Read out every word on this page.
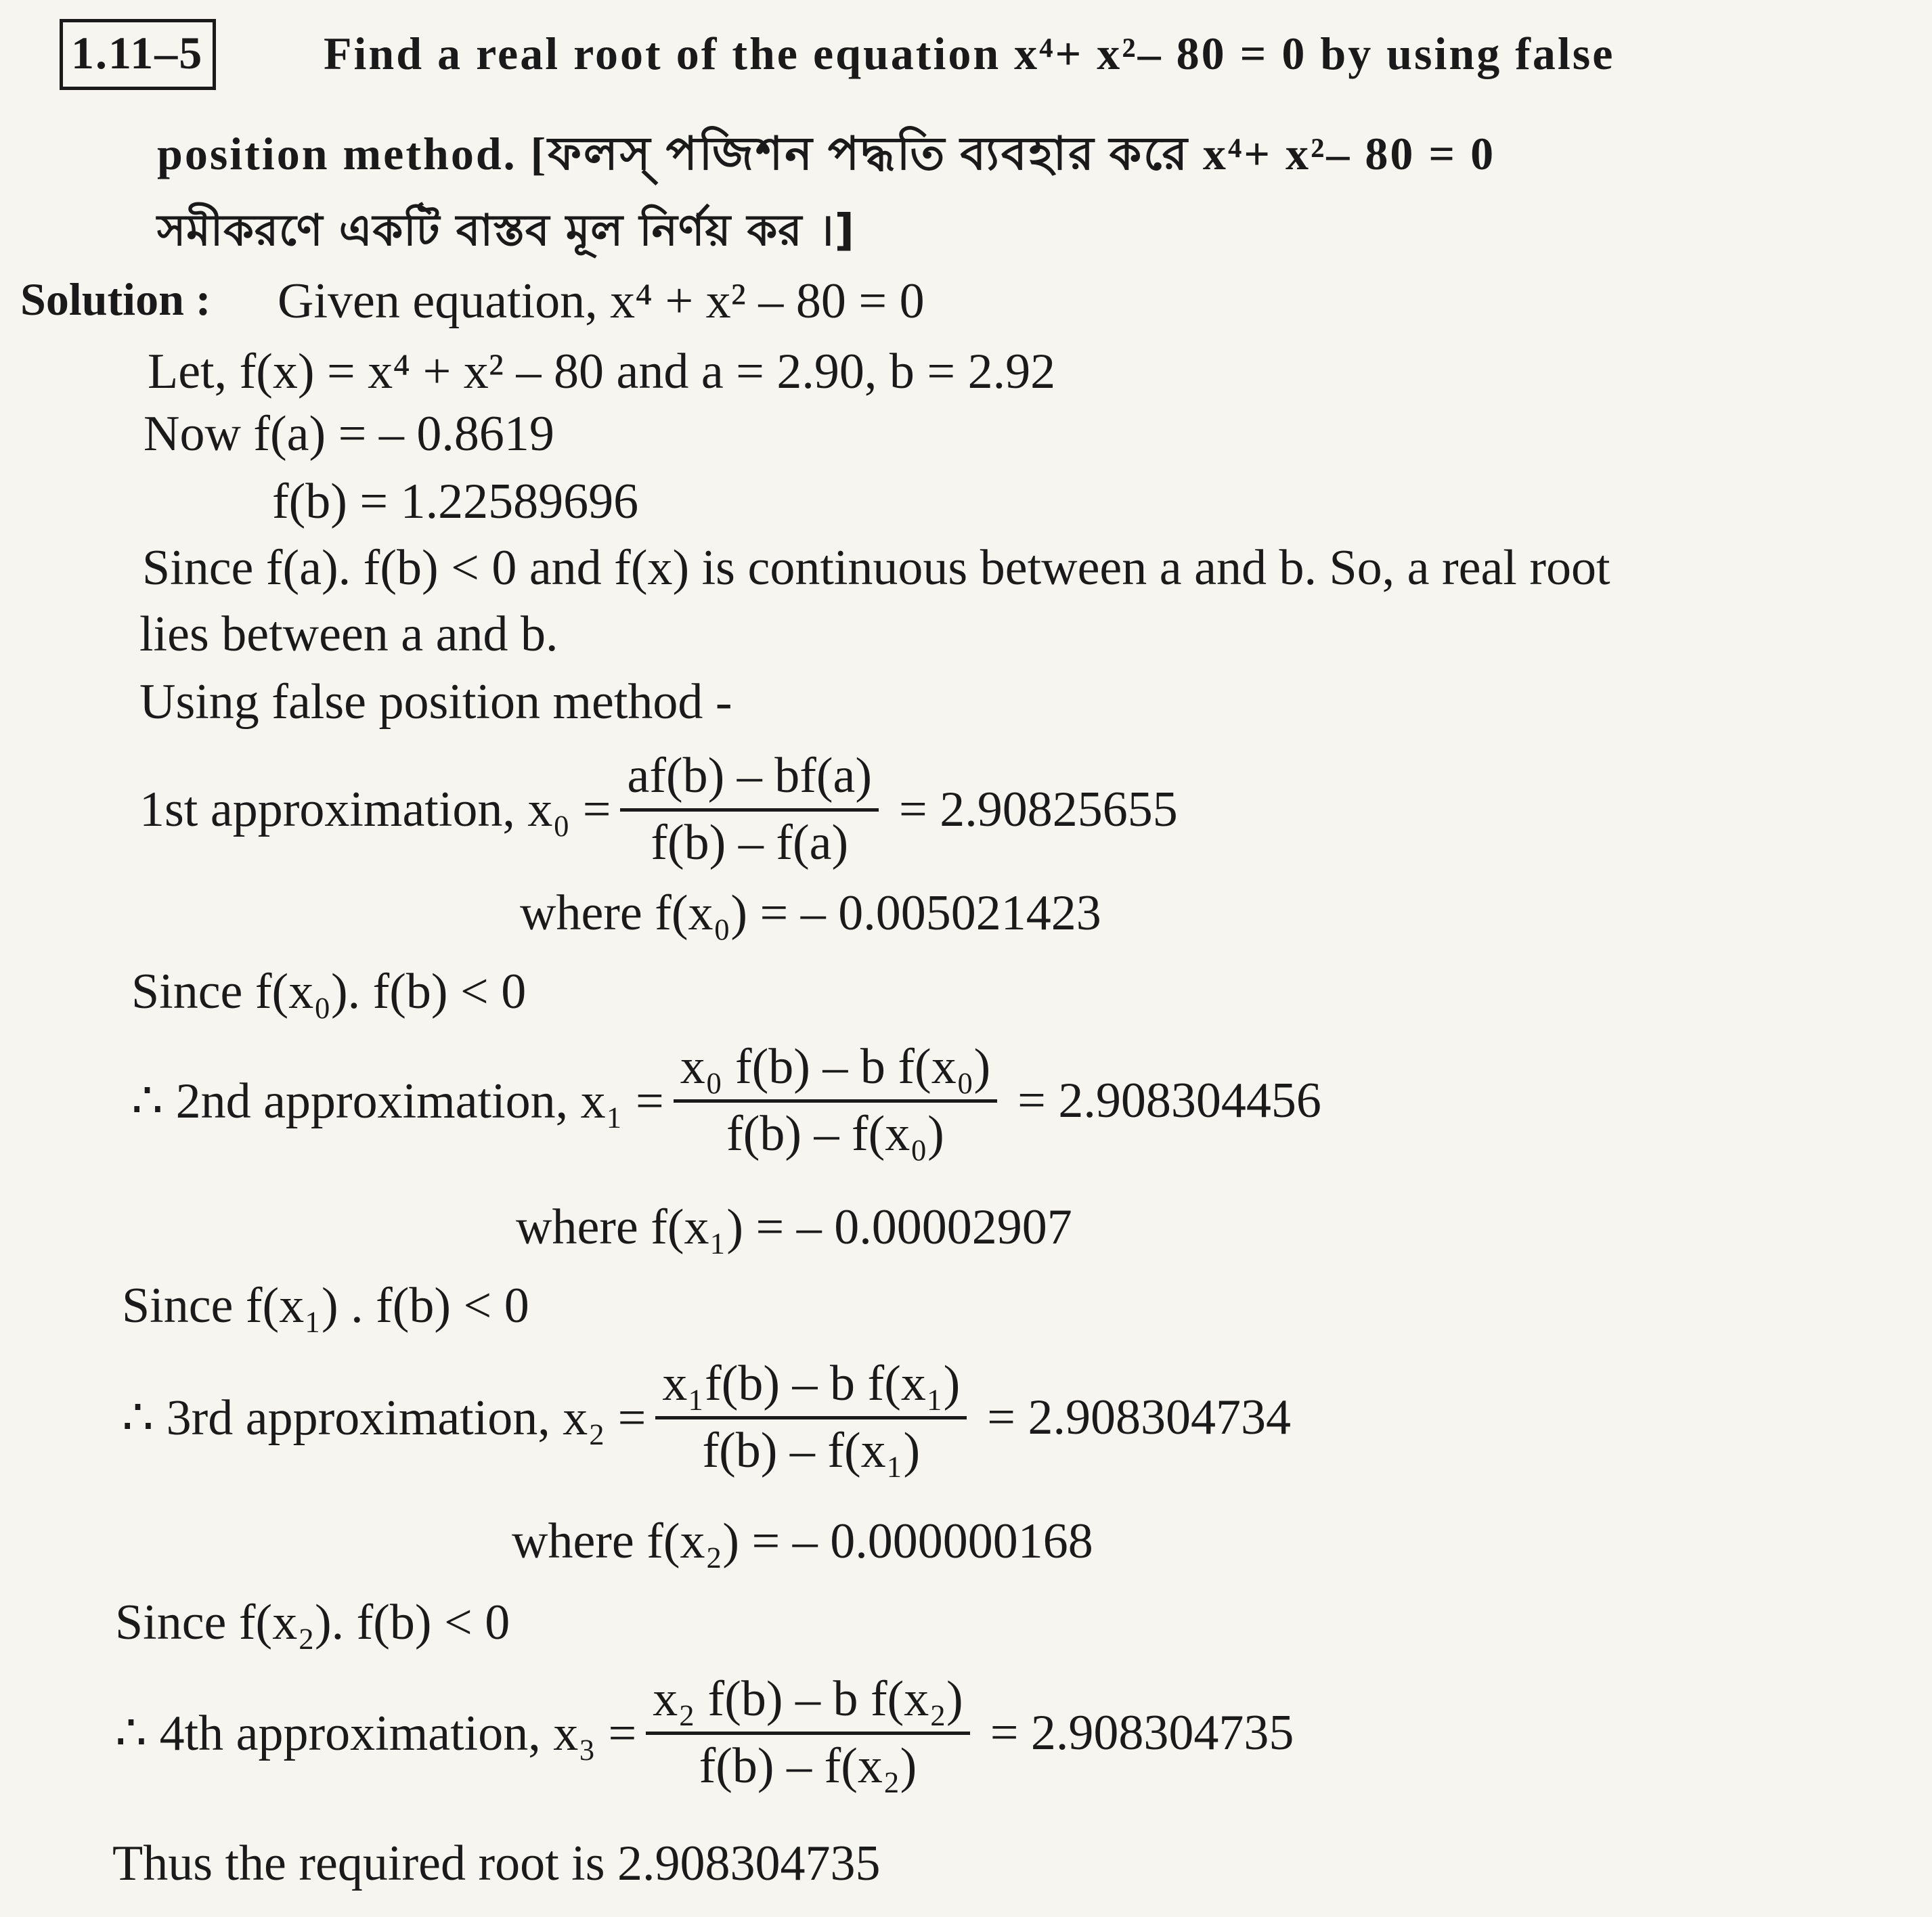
1.11–5	Find a real root of the equation x⁴+ x²– 80 = 0 by using false
position method. [ফলস্ পজিশন পদ্ধতি ব্যবহার করে x⁴+ x²– 80 = 0
সমীকরণে একটি বাস্তব মূল নির্ণয় কর ।]
Solution : Given equation, x⁴ + x² – 80 = 0
Let, f(x) = x⁴ + x² – 80 and a = 2.90, b = 2.92
Now f(a) = – 0.8619
f(b) = 1.22589696
Since f(a). f(b) < 0 and f(x) is continuous between a and b. So, a real root
lies between a and b.
Using false position method -
1st approximation, $x_0 = \frac{af(b) - bf(a)}{f(b) - f(a)} = 2.90825655$
where f(x₀) = – 0.005021423
Since f(x₀). f(b) < 0
∴ 2nd approximation, $x_1 = \frac{\text{x₀ f(b) – b f(x₀)}}{\text{f(b) – f(x₀)}} = 2.908304456$
where f(x₁) = – 0.00002907
Since f(x₁) . f(b) < 0
∴ 3rd approximation, $x_2 = \frac{\text{x₁f(b) – b f(x₁)}}{\text{f(b) – f(x₁)}} = 2.908304734$
where f(x₂) = – 0.000000168
Since f(x₂). f(b) < 0
∴ 4th approximation, $x_3 = \frac{\text{x₂ f(b) – b f(x₂)}}{\text{f(b) – f(x₂)}} = 2.908304735$
Thus the required root is 2.908304735
